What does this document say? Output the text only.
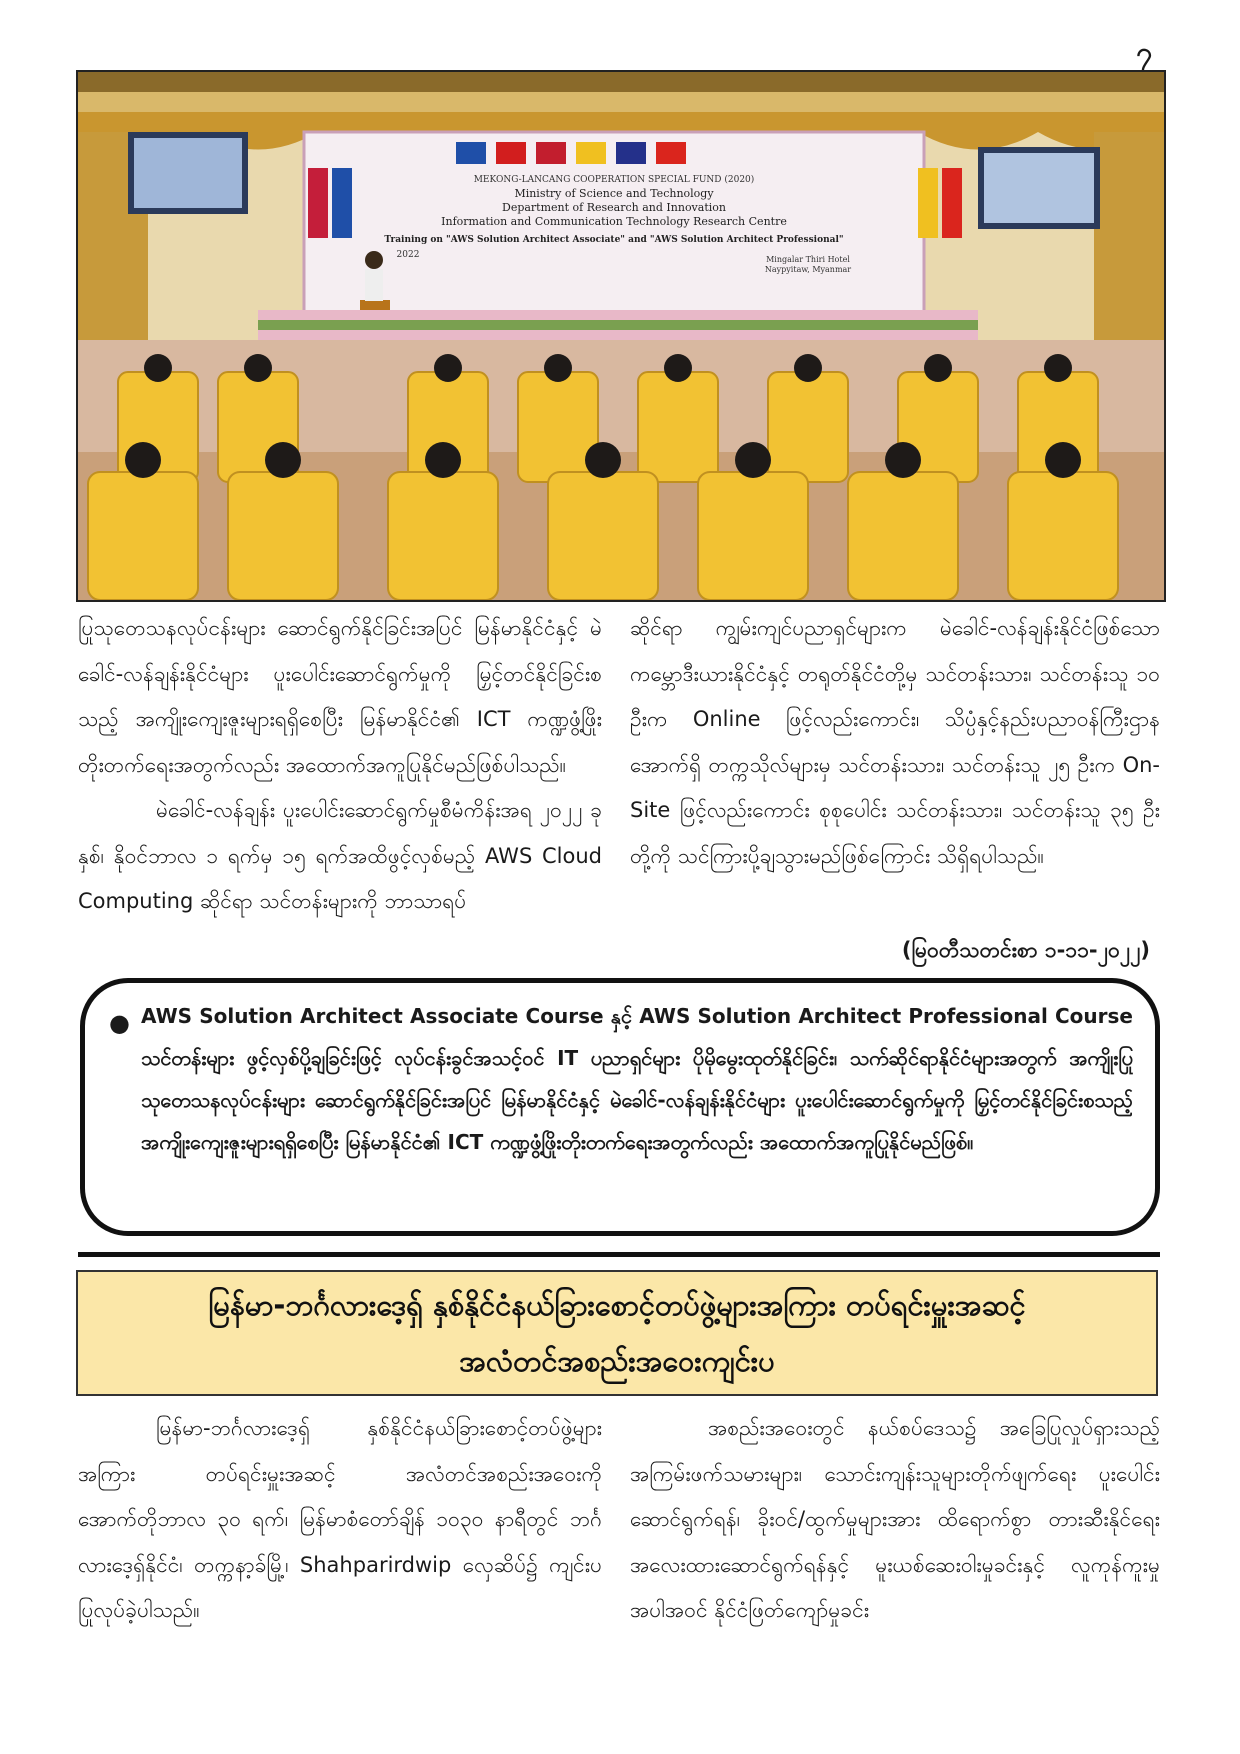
၇
MEKONG-LANCANG COOPERATION SPECIAL FUND (2020)
Ministry of Science and Technology
Department of Research and Innovation
Information and Communication Technology Research Centre
Training on "AWS Solution Architect Associate" and "AWS Solution Architect Professional"
2022	Mingalar Thiri Hotel
Naypyitaw, Myanmar

ပြုသုတေသနလုပ်ငန်းများ ဆောင်ရွက်နိုင်ခြင်းအပြင် မြန်မာနိုင်ငံနှင့် မဲခေါင်-လန်ချန်းနိုင်ငံများ ပူးပေါင်းဆောင်ရွက်မှုကို မြှင့်တင်နိုင်ခြင်းစသည့် အကျိုးကျေးဇူးများရရှိစေပြီး မြန်မာနိုင်ငံ၏ ICT ကဏ္ဍဖွံ့ဖြိုးတိုးတက်ရေးအတွက်လည်း အထောက်အကူပြုနိုင်မည်ဖြစ်ပါသည်။

မဲခေါင်-လန်ချန်း ပူးပေါင်းဆောင်ရွက်မှုစီမံကိန်းအရ ၂၀၂၂ ခုနှစ်၊ နိုဝင်ဘာလ ၁ ရက်မှ ၁၅ ရက်အထိဖွင့်လှစ်မည့် AWS Cloud Computing ဆိုင်ရာ သင်တန်းများကို ဘာသာရပ်

ဆိုင်ရာ ကျွမ်းကျင်ပညာရှင်များက မဲခေါင်-လန်ချန်းနိုင်ငံဖြစ်သော ကမ္ဘောဒီးယားနိုင်ငံနှင့် တရုတ်နိုင်ငံတို့မှ သင်တန်းသား၊ သင်တန်းသူ ၁၀ ဦးက Online ဖြင့်လည်းကောင်း၊ သိပ္ပံနှင့်နည်းပညာဝန်ကြီးဌာနအောက်ရှိ တက္ကသိုလ်များမှ သင်တန်းသား၊ သင်တန်းသူ ၂၅ ဦးက On-Site ဖြင့်လည်းကောင်း စုစုပေါင်း သင်တန်းသား၊ သင်တန်းသူ ၃၅ ဦးတို့ကို သင်ကြားပို့ချသွားမည်ဖြစ်ကြောင်း သိရှိရပါသည်။

(မြဝတီသတင်းစာ ၁-၁၁-၂၀၂၂)
● AWS Solution Architect Associate Course နှင့် AWS Solution Architect Professional Course သင်တန်းများ ဖွင့်လှစ်ပို့ချခြင်းဖြင့် လုပ်ငန်းခွင်အသင့်ဝင် IT ပညာရှင်များ ပိုမိုမွေးထုတ်နိုင်ခြင်း၊ သက်ဆိုင်ရာနိုင်ငံများအတွက် အကျိုးပြုသုတေသနလုပ်ငန်းများ ဆောင်ရွက်နိုင်ခြင်းအပြင် မြန်မာနိုင်ငံနှင့် မဲခေါင်-လန်ချန်းနိုင်ငံများ ပူးပေါင်းဆောင်ရွက်မှုကို မြှင့်တင်နိုင်ခြင်းစသည့် အကျိုးကျေးဇူးများရရှိစေပြီး မြန်မာနိုင်ငံ၏ ICT ကဏ္ဍဖွံ့ဖြိုးတိုးတက်ရေးအတွက်လည်း အထောက်အကူပြုနိုင်မည်ဖြစ်။
မြန်မာ-ဘင်္ဂလားဒေ့ရှ် နှစ်နိုင်ငံနယ်ခြားစောင့်တပ်ဖွဲ့များအကြား တပ်ရင်းမှူးအဆင့်
အလံတင်အစည်းအဝေးကျင်းပ

မြန်မာ-ဘင်္ဂလားဒေ့ရှ် နှစ်နိုင်ငံနယ်ခြားစောင့်တပ်ဖွဲ့များအကြား တပ်ရင်းမှူးအဆင့် အလံတင်အစည်းအဝေးကို အောက်တိုဘာလ ၃၀ ရက်၊ မြန်မာစံတော်ချိန် ၁၀၃၀ နာရီတွင် ဘင်္ဂလားဒေ့ရှ်နိုင်ငံ၊ တက္ကနာ့ခ်မြို့၊ Shahparirdwip လှေဆိပ်၌ ကျင်းပပြုလုပ်ခဲ့ပါသည်။

အစည်းအဝေးတွင် နယ်စပ်ဒေသ၌ အခြေပြုလှုပ်ရှားသည့် အကြမ်းဖက်သမားများ၊ သောင်းကျန်းသူများတိုက်ဖျက်ရေး ပူးပေါင်းဆောင်ရွက်ရန်၊ ခိုးဝင်/ထွက်မှုများအား ထိရောက်စွာ တားဆီးနိုင်ရေး အလေးထားဆောင်ရွက်ရန်နှင့် မူးယစ်ဆေးဝါးမှုခင်းနှင့် လူကုန်ကူးမှုအပါအဝင် နိုင်ငံဖြတ်ကျော်မှုခင်း
